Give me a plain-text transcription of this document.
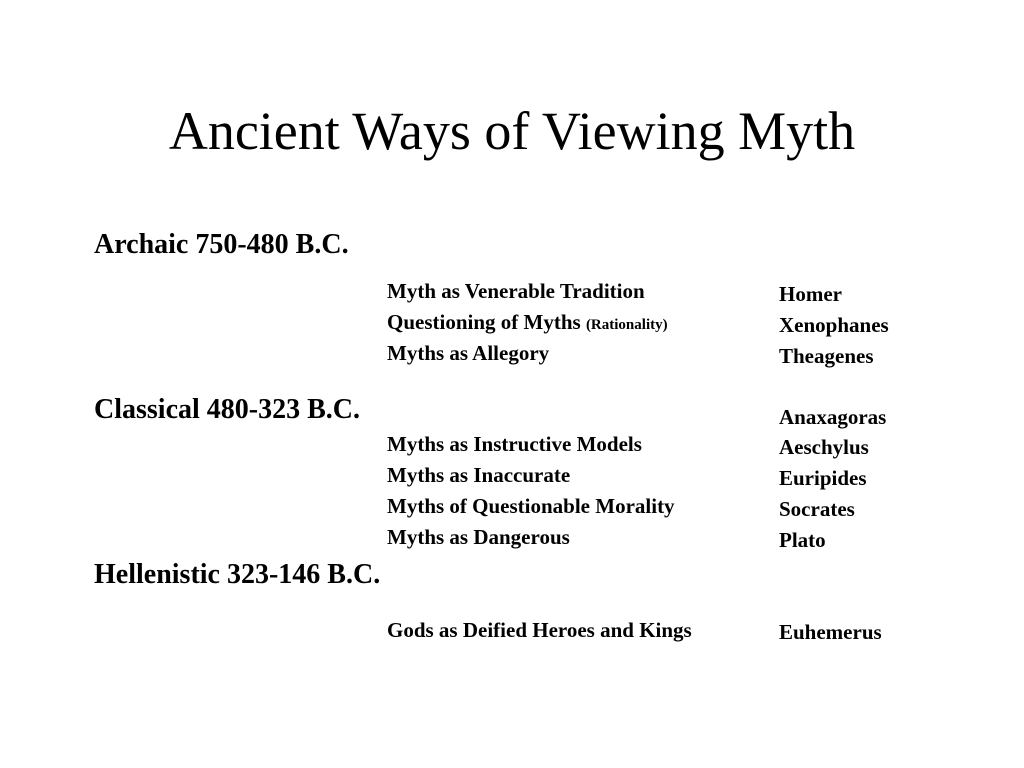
Ancient Ways of Viewing Myth
Archaic 750-480 B.C.
Classical 480-323 B.C.
Hellenistic 323-146 B.C.
Myth as Venerable Tradition
Questioning of Myths (Rationality)
Myths as Allegory
Myths as Instructive Models
Myths as Inaccurate
Myths of Questionable Morality
Myths as Dangerous
Gods as Deified Heroes and Kings
Homer
Xenophanes
Theagenes
Anaxagoras
Aeschylus
Euripides
Socrates
Plato
Euhemerus
